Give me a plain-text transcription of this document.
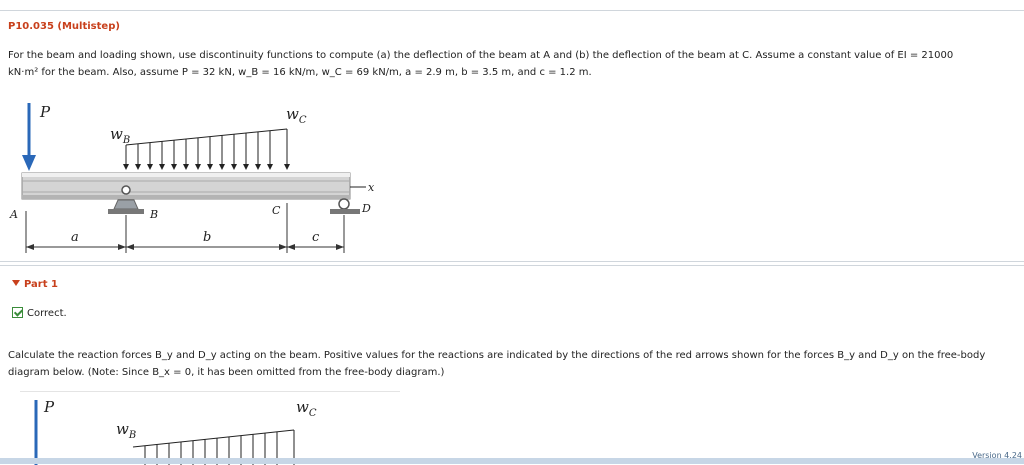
P10.035 (Multistep)
For the beam and loading shown, use discontinuity functions to compute (a) the deflection of the beam at A and (b) the deflection of the beam at C. Assume a constant value of EI = 21000
kN·m² for the beam. Also, assume P = 32 kN, w_B = 16 kN/m, w_C = 69 kN/m, a = 2.9 m, b = 3.5 m, and c = 1.2 m.
P
$w_B$
$w_C$
x
A	B	C	D
a	b	c
Part 1
Correct.
Calculate the reaction forces B_y and D_y acting on the beam. Positive values for the reactions are indicated by the directions of the red arrows shown for the forces B_y and D_y on the free-body
diagram below. (Note: Since B_x = 0, it has been omitted from the free-body diagram.)
P	$w_C$
$w_B$
Version 4.24
